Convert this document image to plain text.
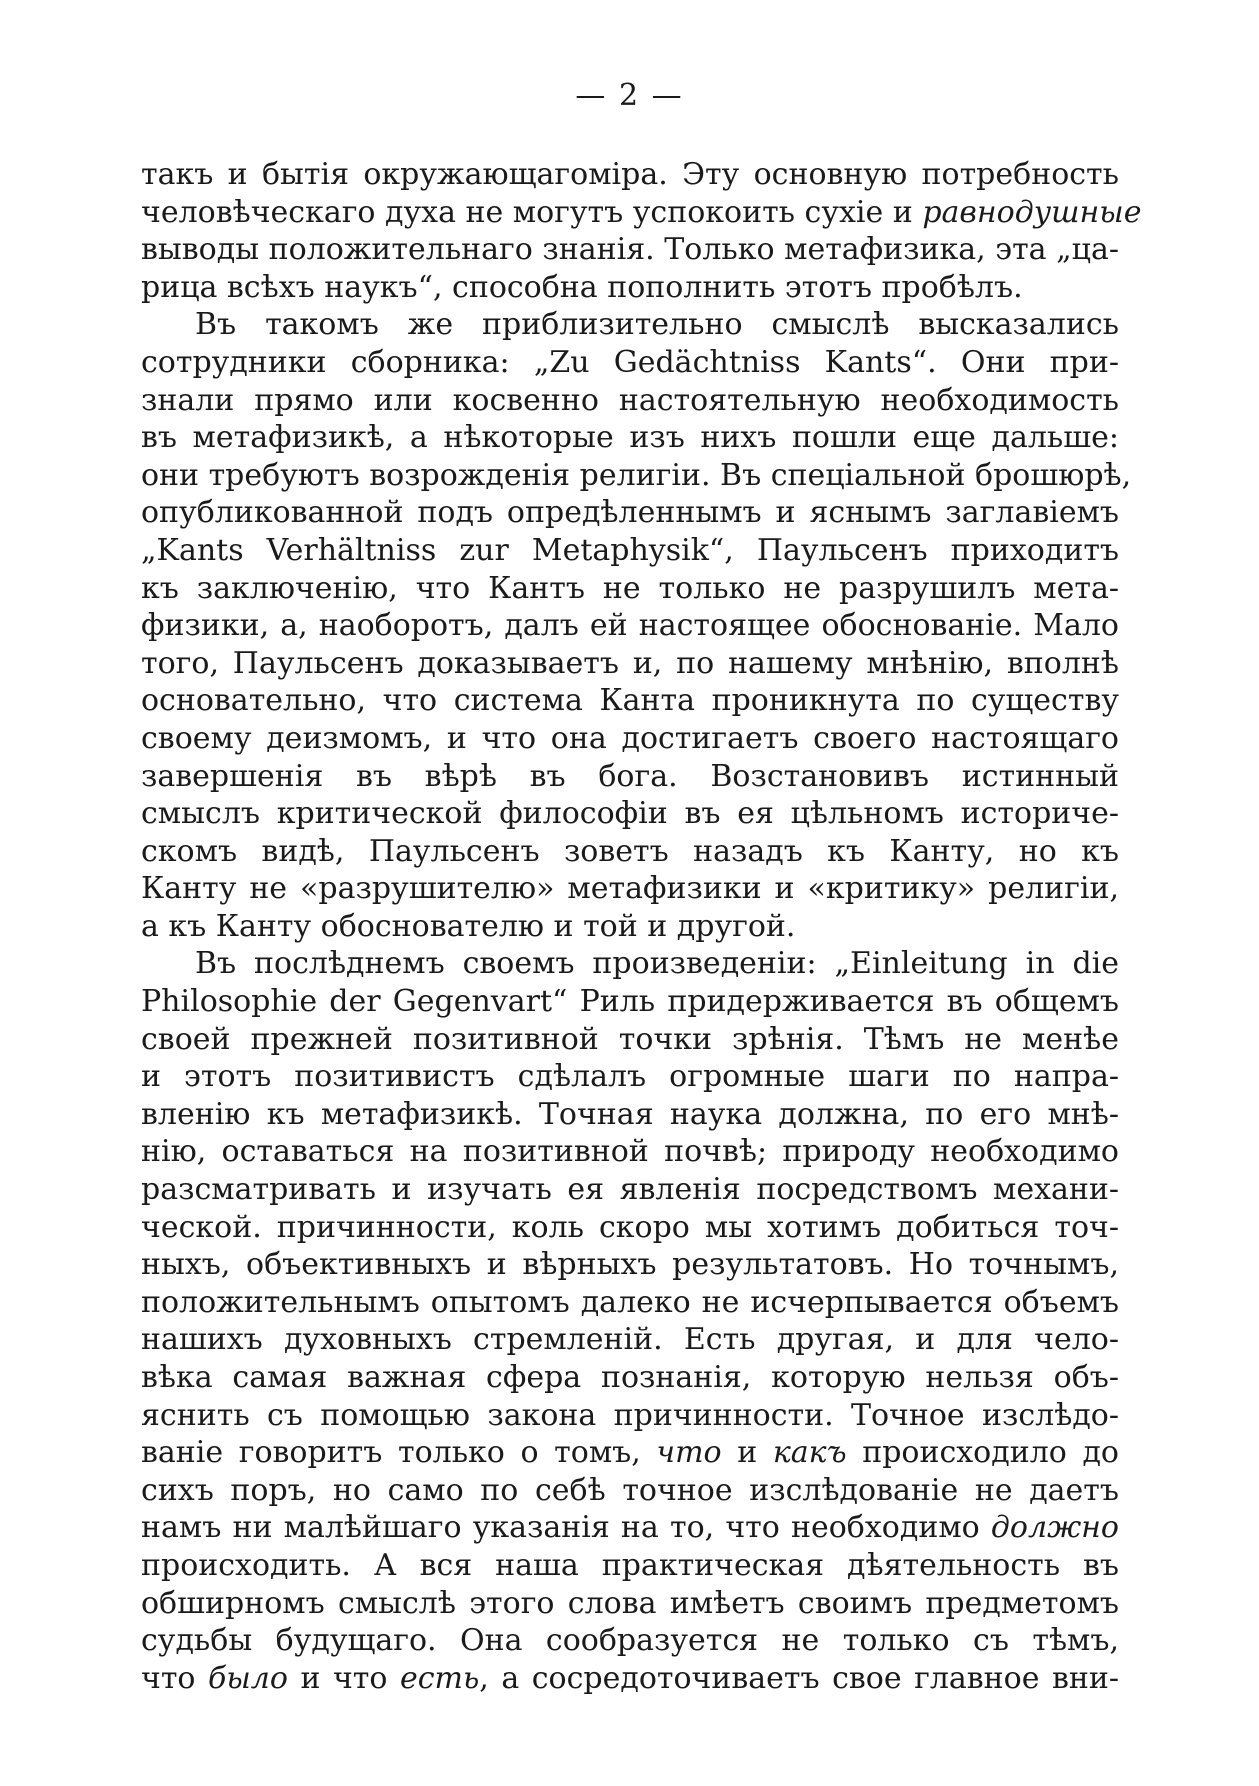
— 2 —
такъ и бытія окружающагоміра. Эту основную потребность
человѣческаго духа не могутъ успокоить сухіе и равнодушные
выводы положительнаго знанія. Только метафизика, эта „ца-
рица всѣхъ наукъ“, способна пополнить этотъ пробѣлъ.
Въ такомъ же приблизительно смыслѣ высказались
сотрудники сборника: „Zu Gedächtniss Kants“. Они при-
знали прямо или косвенно настоятельную необходимость
въ метафизикѣ, а нѣкоторые изъ нихъ пошли еще дальше:
они требуютъ возрожденія религіи. Въ спеціальной брошюрѣ,
опубликованной подъ опредѣленнымъ и яснымъ заглавіемъ
„Kants Verhältniss zur Metaphysik“, Паульсенъ приходитъ
къ заключенію, что Кантъ не только не разрушилъ мета-
физики, а, наоборотъ, далъ ей настоящее обоснованіе. Мало
того, Паульсенъ доказываетъ и, по нашему мнѣнію, вполнѣ
основательно, что система Канта проникнута по существу
своему деизмомъ, и что она достигаетъ своего настоящаго
завершенія въ вѣрѣ въ бога. Возстановивъ истинный
смыслъ критической философіи въ ея цѣльномъ историче-
скомъ видѣ, Паульсенъ зоветъ назадъ къ Канту, но къ
Канту не «разрушителю» метафизики и «критику» религіи,
а къ Канту обоснователю и той и другой.
Въ послѣднемъ своемъ произведеніи: „Einleitung in die
Philosophie der Gegenvart“ Риль придерживается въ общемъ
своей прежней позитивной точки зрѣнія. Тѣмъ не менѣе
и этотъ позитивистъ сдѣлалъ огромные шаги по напра-
вленію къ метафизикѣ. Точная наука должна, по его мнѣ-
нію, оставаться на позитивной почвѣ; природу необходимо
разсматривать и изучать ея явленія посредствомъ механи-
ческой. причинности, коль скоро мы хотимъ добиться точ-
ныхъ, объективныхъ и вѣрныхъ результатовъ. Но точнымъ,
положительнымъ опытомъ далеко не исчерпывается объемъ
нашихъ духовныхъ стремленій. Есть другая, и для чело-
вѣка самая важная сфера познанія, которую нельзя объ-
яснить съ помощью закона причинности. Точное изслѣдо-
ваніе говоритъ только о томъ, что и какъ происходило до
сихъ поръ, но само по себѣ точное изслѣдованіе не даетъ
намъ ни малѣйшаго указанія на то, что необходимо должно
происходить. А вся наша практическая дѣятельность въ
обширномъ смыслѣ этого слова имѣетъ своимъ предметомъ
судьбы будущаго. Она сообразуется не только съ тѣмъ,
что было и что есть, а сосредоточиваетъ свое главное вни-
